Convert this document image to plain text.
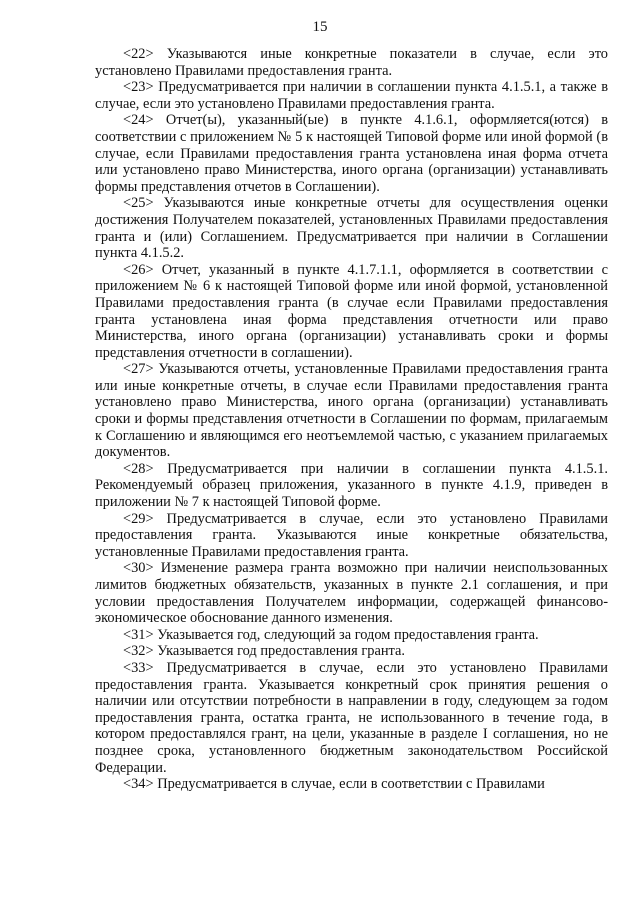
15

<22> Указываются иные конкретные показатели в случае, если это установлено Правилами предоставления гранта.

<23> Предусматривается при наличии в соглашении пункта 4.1.5.1, а также в случае, если это установлено Правилами предоставления гранта.

<24> Отчет(ы), указанный(ые) в пункте 4.1.6.1, оформляется(ются) в соответствии с приложением № 5 к настоящей Типовой форме или иной формой (в случае, если Правилами предоставления гранта установлена иная форма отчета или установлено право Министерства, иного органа (организации) устанавливать формы представления отчетов в Соглашении).

<25> Указываются иные конкретные отчеты для осуществления оценки достижения Получателем показателей, установленных Правилами предоставления гранта и (или) Соглашением. Предусматривается при наличии в Соглашении пункта 4.1.5.2.

<26> Отчет, указанный в пункте 4.1.7.1.1, оформляется в соответствии с приложением № 6 к настоящей Типовой форме или иной формой, установленной Правилами предоставления гранта (в случае если Правилами предоставления гранта установлена иная форма представления отчетности или право Министерства, иного органа (организации) устанавливать сроки и формы представления отчетности в соглашении).

<27> Указываются отчеты, установленные Правилами предоставления гранта или иные конкретные отчеты, в случае если Правилами предоставления гранта установлено право Министерства, иного органа (организации) устанавливать сроки и формы представления отчетности в Соглашении по формам, прилагаемым к Соглашению и являющимся его неотъемлемой частью, с указанием прилагаемых документов.

<28> Предусматривается при наличии в соглашении пункта 4.1.5.1. Рекомендуемый образец приложения, указанного в пункте 4.1.9, приведен в приложении № 7 к настоящей Типовой форме.

<29> Предусматривается в случае, если это установлено Правилами предоставления гранта. Указываются иные конкретные обязательства, установленные Правилами предоставления гранта.

<30> Изменение размера гранта возможно при наличии неиспользованных лимитов бюджетных обязательств, указанных в пункте 2.1 соглашения, и при условии предоставления Получателем информации, содержащей финансово-экономическое обоснование данного изменения.

<31> Указывается год, следующий за годом предоставления гранта.

<32> Указывается год предоставления гранта.

<33> Предусматривается в случае, если это установлено Правилами предоставления гранта. Указывается конкретный срок принятия решения о наличии или отсутствии потребности в направлении в году, следующем за годом предоставления гранта, остатка гранта, не использованного в течение года, в котором предоставлялся грант, на цели, указанные в разделе I соглашения, но не позднее срока, установленного бюджетным законодательством Российской Федерации.

<34> Предусматривается в случае, если в соответствии с Правилами
